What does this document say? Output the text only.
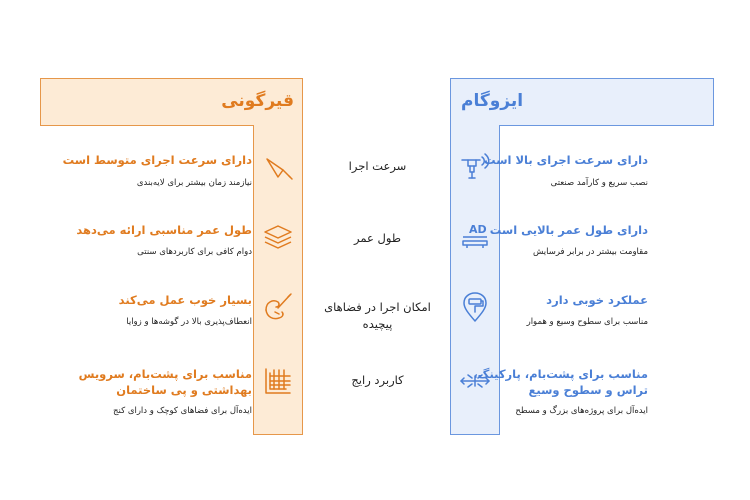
قیرگونی	ایزوگام
AD
دارای سرعت اجرای متوسط است
نیازمند زمان بیشتر برای لایه‌بندی
طول عمر مناسبی ارائه می‌دهد
دوام کافی برای کاربردهای سنتی
بسیار خوب عمل می‌کند
انعطاف‌پذیری بالا در گوشه‌ها و زوایا
مناسب برای پشت‌بام، سرویس بهداشتی و پی ساختمان
ایده‌آل برای فضاهای کوچک و دارای کنج
دارای سرعت اجرای بالا است
نصب سریع و کارآمد صنعتی
دارای طول عمر بالایی است
مقاومت بیشتر در برابر فرسایش
عملکرد خوبی دارد
مناسب برای سطوح وسیع و هموار
مناسب برای پشت‌بام، پارکینگ، تراس و سطوح وسیع
ایده‌آل برای پروژه‌های بزرگ و مسطح
سرعت اجرا
طول عمر
امکان اجرا در فضاهای پیچیده
کاربرد رایج
